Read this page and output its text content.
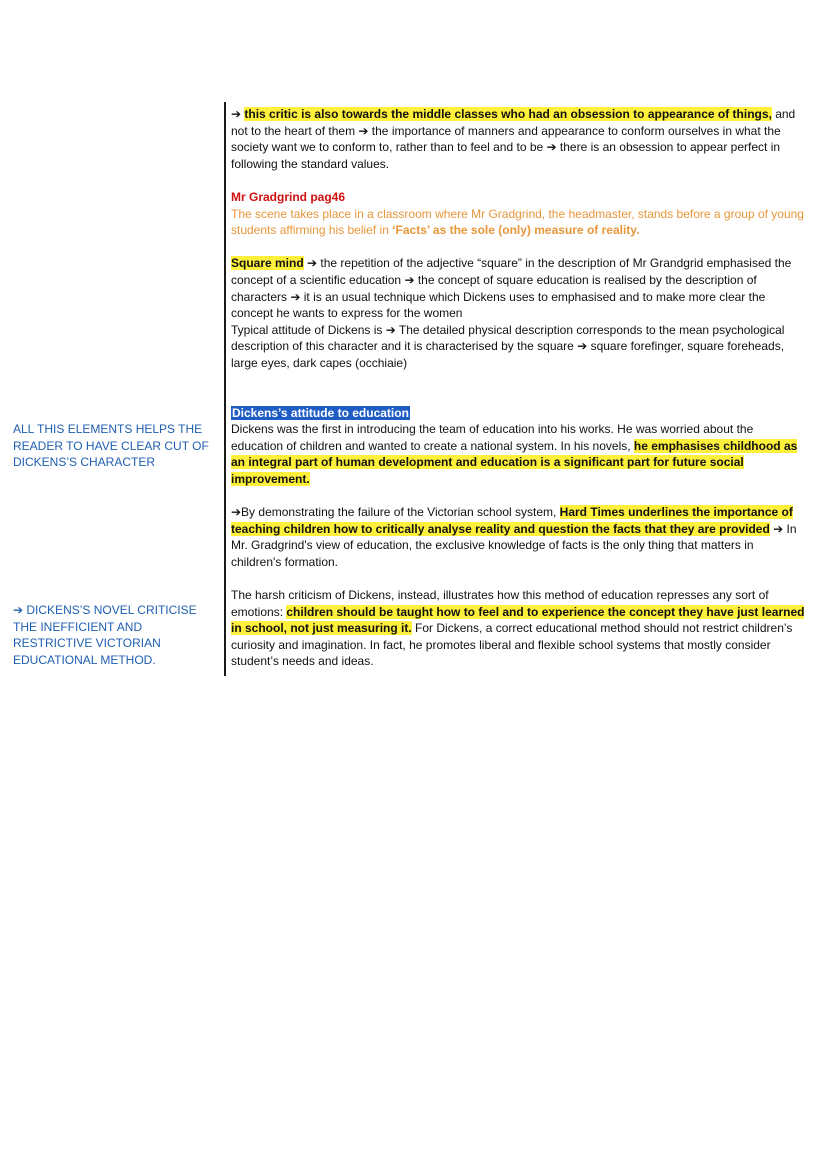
➔ this critic is also towards the middle classes who had an obsession to appearance of things, and not to the heart of them ➔ the importance of manners and appearance to conform ourselves in what the society want we to conform to, rather than to feel and to be ➔ there is an obsession to appear perfect in following the standard values.

Mr Gradgrind pag46

The scene takes place in a classroom where Mr Gradgrind, the headmaster, stands before a group of young students affirming his belief in ‘Facts’ as the sole (only) measure of reality.

Square mind ➔ the repetition of the adjective “square” in the description of Mr Grandgrid emphasised the concept of a scientific education ➔ the concept of square education is realised by the description of characters ➔ it is an usual technique which Dickens uses to emphasised and to make more clear the concept he wants to express for the women

Typical attitude of Dickens is ➔ The detailed physical description corresponds to the mean psychological description of this character and it is characterised by the square ➔ square forefinger, square foreheads, large eyes, dark capes (occhiaie)

Dickens’s attitude to education

Dickens was the first in introducing the team of education into his works. He was worried about the education of children and wanted to create a national system. In his novels, he emphasises childhood as an integral part of human development and education is a significant part for future social improvement.

➔By demonstrating the failure of the Victorian school system, Hard Times underlines the importance of teaching children how to critically analyse reality and question the facts that they are provided ➔ In Mr. Gradgrind's view of education, the exclusive knowledge of facts is the only thing that matters in children's formation.

The harsh criticism of Dickens, instead, illustrates how this method of education represses any sort of emotions: children should be taught how to feel and to experience the concept they have just learned in school, not just measuring it. For Dickens, a correct educational method should not restrict children’s curiosity and imagination. In fact, he promotes liberal and flexible school systems that mostly consider student’s needs and ideas.

ALL THIS ELEMENTS HELPS THE READER TO HAVE CLEAR CUT OF DICKENS’S CHARACTER
➔ DICKENS’S NOVEL CRITICISE THE INEFFICIENT AND RESTRICTIVE VICTORIAN EDUCATIONAL METHOD.
